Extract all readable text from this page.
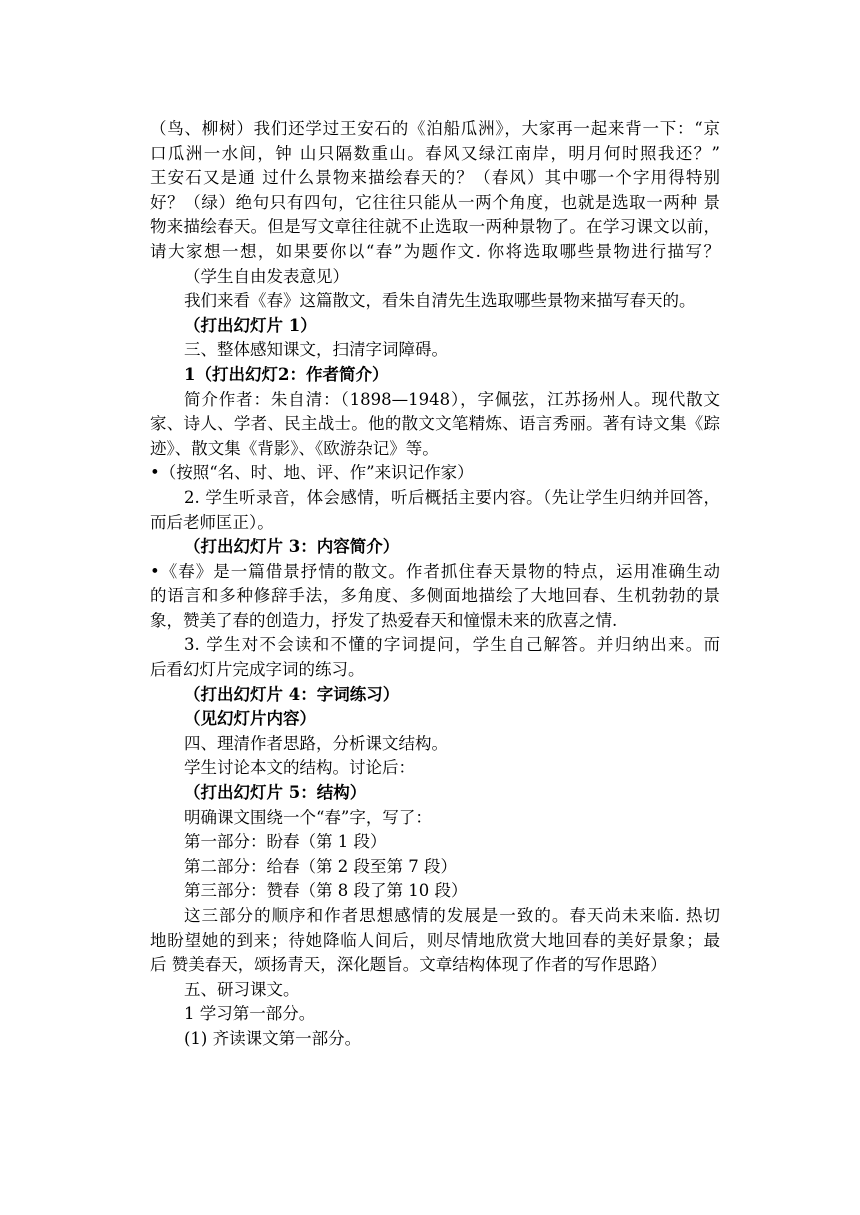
（鸟、柳树）我们还学过王安石的《泊船瓜洲》，大家再一起来背一下：“京
口瓜洲一水间，钟 山只隔数重山。春风又绿江南岸，明月何时照我还？”
王安石又是通 过什么景物来描绘春天的？（春风）其中哪一个字用得特别
好？（绿）绝句只有四句，它往往只能从一两个角度，也就是选取一两种 景
物来描绘春天。但是写文章往往就不止选取一两种景物了。在学习课文以前，
请大家想一想，如果要你以“春”为题作文. 你将选取哪些景物进行描写？
（学生自由发表意见）
我们来看《春》这篇散文，看朱自清先生选取哪些景物来描写春天的。
（打出幻灯片 1）
三、整体感知课文，扫清字词障碍。
1（打出幻灯2：作者简介）
简介作者：朱自清：（1898—1948），字佩弦，江苏扬州人。现代散文
家、诗人、学者、民主战士。他的散文文笔精炼、语言秀丽。著有诗文集《踪
迹》、散文集《背影》、《欧游杂记》等。
•（按照“名、时、地、评、作”来识记作家）
2. 学生听录音，体会感情，听后概括主要内容。（先让学生归纳并回答，
而后老师匡正）。
（打出幻灯片 3：内容简介）
•《春》是一篇借景抒情的散文。作者抓住春天景物的特点，运用准确生动
的语言和多种修辞手法，多角度、多侧面地描绘了大地回春、生机勃勃的景
象，赞美了春的创造力，抒发了热爱春天和憧憬未来的欣喜之情.
3. 学生对不会读和不懂的字词提问，学生自己解答。并归纳出来。而
后看幻灯片完成字词的练习。
（打出幻灯片 4：字词练习）
（见幻灯片内容）
四、理清作者思路，分析课文结构。
学生讨论本文的结构。讨论后：
（打出幻灯片 5：结构）
明确课文围绕一个“春”字，写了：
第一部分：盼春（第 1 段）
第二部分：给春（第 2 段至第 7 段）
第三部分：赞春（第 8 段了第 10 段）
这三部分的顺序和作者思想感情的发展是一致的。春天尚未来临. 热切
地盼望她的到来；待她降临人间后，则尽情地欣赏大地回春的美好景象；最
后 赞美春天，颂扬青天，深化题旨。文章结构体现了作者的写作思路）
五、研习课文。
1 学习第一部分。
(1) 齐读课文第一部分。
